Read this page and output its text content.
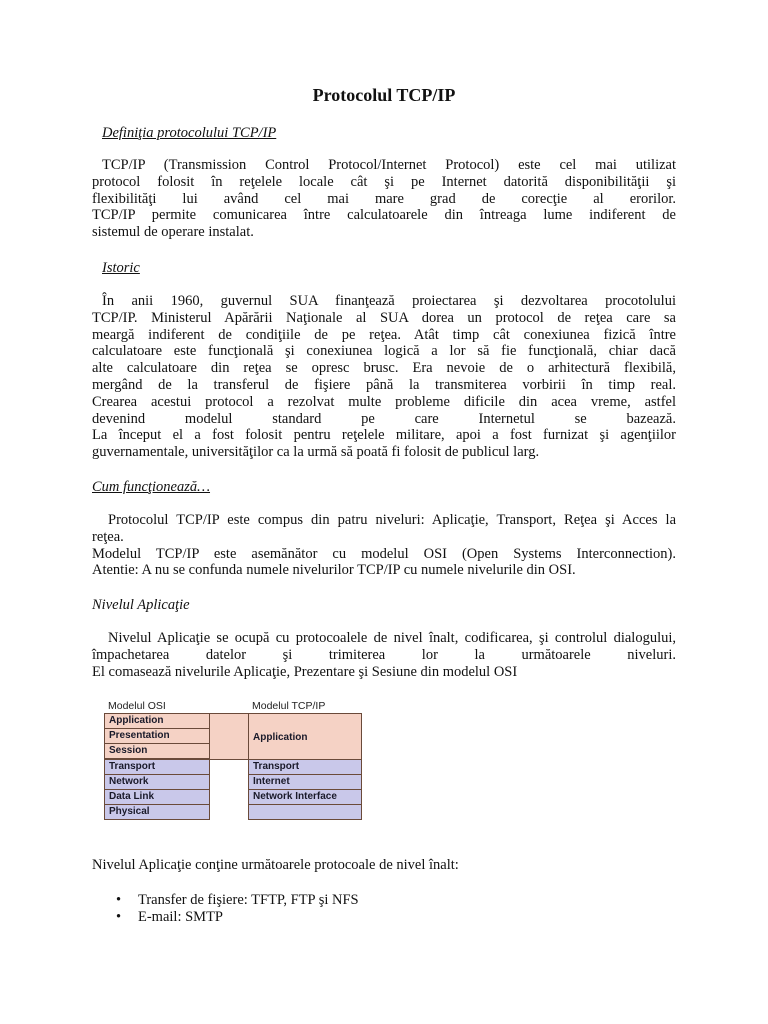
Protocolul TCP/IP
Definiţia protocolului TCP/IP
TCP/IP (Transmission Control Protocol/Internet Protocol) este cel mai utilizat
protocol folosit în reţelele locale cât şi pe Internet datorită disponibilităţii şi
flexibilităţi lui având cel mai mare grad de corecţie al erorilor.
TCP/IP permite comunicarea între calculatoarele din întreaga lume indiferent de
sistemul de operare instalat.
Istoric
În anii 1960, guvernul SUA finanţează proiectarea şi dezvoltarea procotolului
TCP/IP. Ministerul Apărării Naţionale al SUA dorea un protocol de reţea care sa
meargă indiferent de condiţiile de pe reţea. Atât timp cât conexiunea fizică între
calculatoare este funcţională şi conexiunea logică a lor să fie funcţională, chiar dacă
alte calculatoare din reţea se opresc brusc. Era nevoie de o arhitectură flexibilă,
mergând de la transferul de fişiere până la transmiterea vorbirii în timp real.
Crearea acestui protocol a rezolvat multe probleme dificile din acea vreme, astfel
devenind modelul standard pe care Internetul se bazează.
La început el a fost folosit pentru reţelele militare, apoi a fost furnizat şi agenţiilor
guvernamentale, universităţilor ca la urmă să poată fi folosit de publicul larg.
Cum funcţionează…
Protocolul TCP/IP este compus din patru niveluri: Aplicaţie, Transport, Reţea şi Acces la
reţea.
Modelul TCP/IP este asemănător cu modelul OSI (Open Systems Interconnection).
Atentie: A nu se confunda numele nivelurilor TCP/IP cu numele nivelurile din OSI.
Nivelul Aplicaţie
Nivelul Aplicaţie se ocupă cu protocoalele de nivel înalt, codificarea, şi controlul dialogului,
împachetarea datelor şi trimiterea lor la următoarele niveluri.
El comasează nivelurile Aplicaţie, Prezentare şi Sesiune din modelul OSI
Nivelul Aplicaţie conţine următoarele protocoale de nivel înalt:
• Transfer de fişiere: TFTP, FTP şi NFS
• E-mail: SMTP
Modelul OSI	Modelul TCP/IP
Application
Presentation
Session
Transport
Network
Data Link
Physical
Application
Transport
Internet
Network Interface
